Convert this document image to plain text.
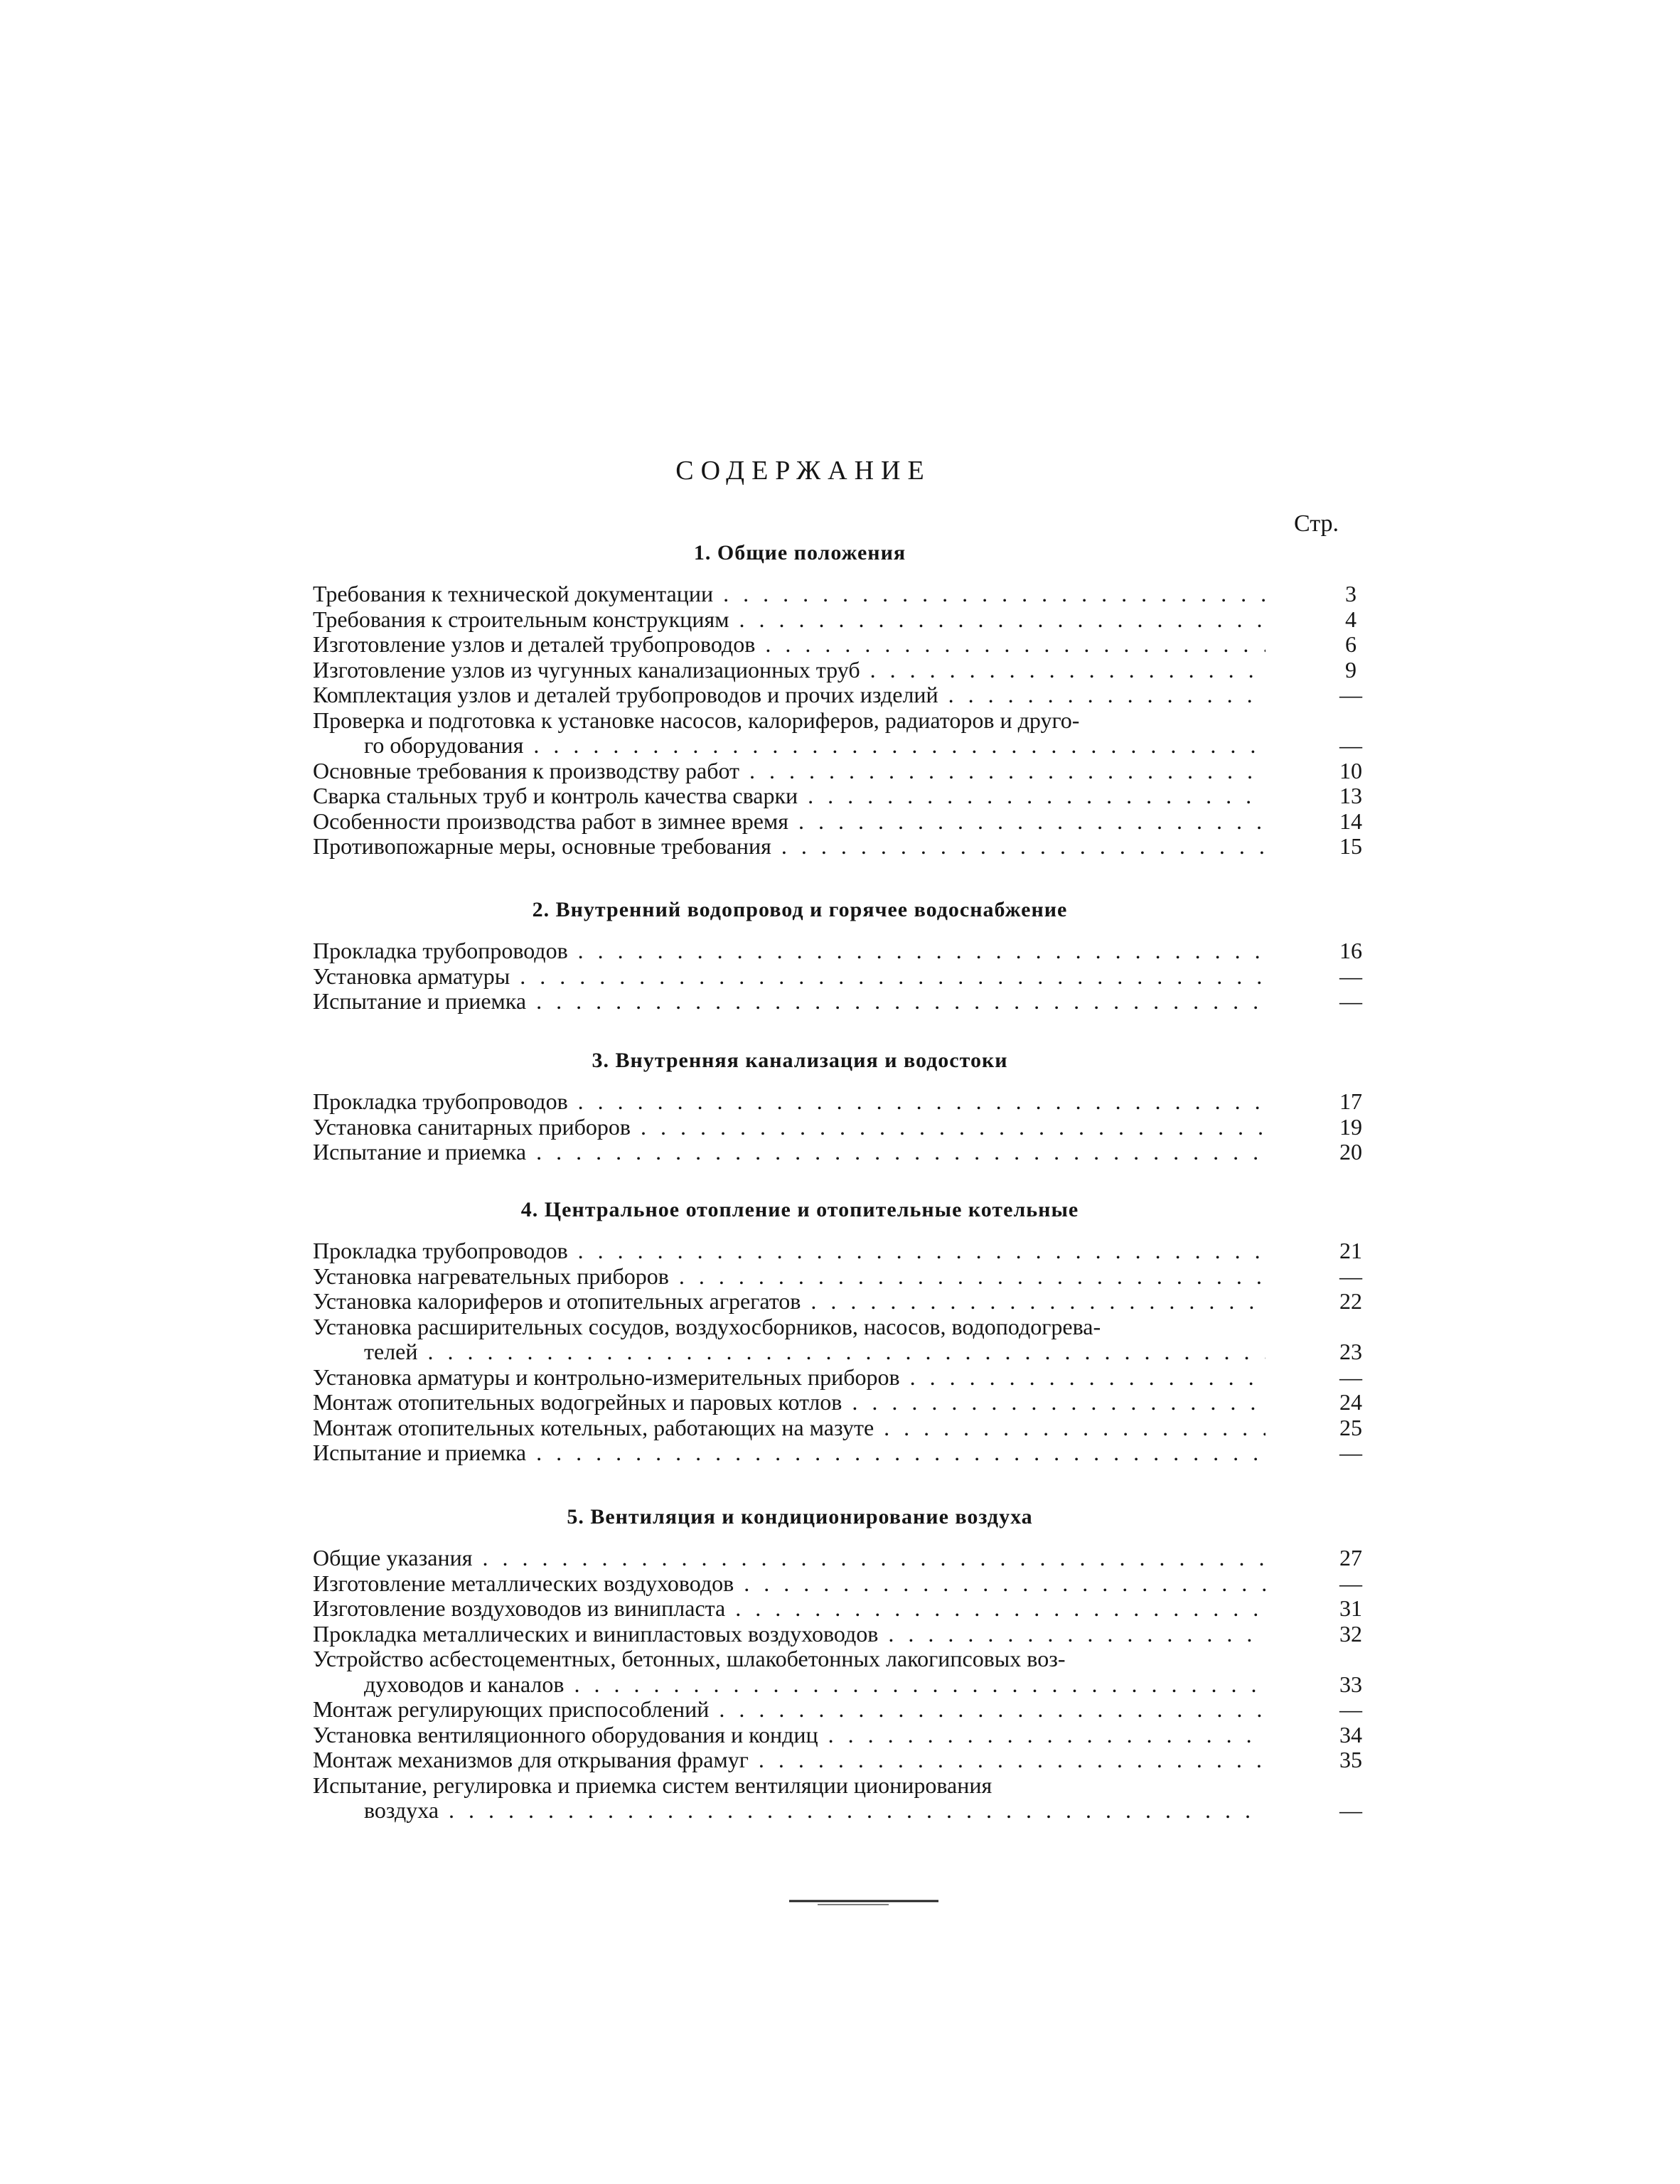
СОДЕРЖАНИЕ
Стр.
1. Общие положения
Требования к технической документации . . .	3
Требования к строительным конструкциям . . .	4
Изготовление узлов и деталей трубопроводов . . .	6
Изготовление узлов из чугунных канализационных труб . . .	9
Комплектация узлов и деталей трубопроводов и прочих изделий . . .	—
Проверка и подготовка к установке насосов, калориферов, радиаторов и друго-
го оборудования . . .	—
Основные требования к производству работ . . .	10
Сварка стальных труб и контроль качества сварки . . .	13
Особенности производства работ в зимнее время . . .	14
Противопожарные меры, основные требования . . .	15
2. Внутренний водопровод и горячее водоснабжение
Прокладка трубопроводов . . .	16
Установка арматуры . . .	—
Испытание и приемка . . .	—
3. Внутренняя канализация и водостоки
Прокладка трубопроводов . . .	17
Установка санитарных приборов . . .	19
Испытание и приемка . . .	20
4. Центральное отопление и отопительные котельные
Прокладка трубопроводов . . .	21
Установка нагревательных приборов . . .	—
Установка калориферов и отопительных агрегатов . . .	22
Установка расширительных сосудов, воздухосборников, насосов, водоподогрева-
телей . . .	23
Установка арматуры и контрольно-измерительных приборов . . .	—
Монтаж отопительных водогрейных и паровых котлов . . .	24
Монтаж отопительных котельных, работающих на мазуте . . .	25
Испытание и приемка . . .	—
5. Вентиляция и кондиционирование воздуха
Общие указания . . .	27
Изготовление металлических воздуховодов . . .	—
Изготовление воздуховодов из винипласта . . .	31
Прокладка металлических и винипластовых воздуховодов . . .	32
Устройство асбестоцементных, бетонных, шлакобетонных лакогипсовых воз-
духоводов и каналов . . .	33
Монтаж регулирующих приспособлений . . .	—
Установка вентиляционного оборудования и кондиц . . .	34
Монтаж механизмов для открывания фрамуг . . .	35
Испытание, регулировка и приемка систем вентиляции ционирования
воздуха . . .	—
